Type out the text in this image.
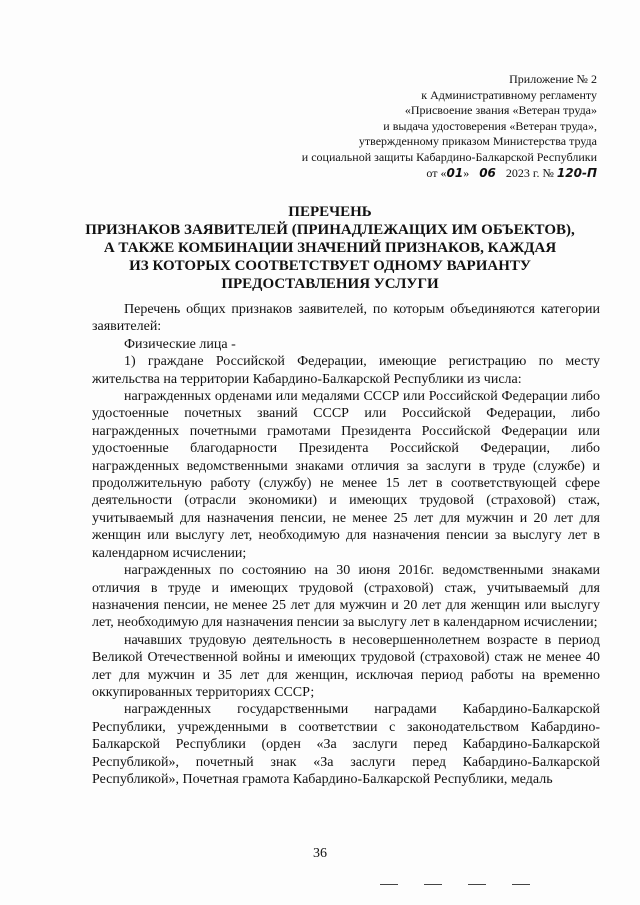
Приложение № 2
к Административному регламенту
«Присвоение звания «Ветеран труда»
и выдача удостоверения «Ветеран труда»,
утвержденному приказом Министерства труда
и социальной защиты Кабардино-Балкарской Республики
от «01» 06 2023 г. № 120-П
ПЕРЕЧЕНЬ
ПРИЗНАКОВ ЗАЯВИТЕЛЕЙ (ПРИНАДЛЕЖАЩИХ ИМ ОБЪЕКТОВ),
А ТАКЖЕ КОМБИНАЦИИ ЗНАЧЕНИЙ ПРИЗНАКОВ, КАЖДАЯ
ИЗ КОТОРЫХ СООТВЕТСТВУЕТ ОДНОМУ ВАРИАНТУ
ПРЕДОСТАВЛЕНИЯ УСЛУГИ

Перечень общих признаков заявителей, по которым объединяются категории заявителей:

Физические лица -

1) граждане Российской Федерации, имеющие регистрацию по месту жительства на территории Кабардино-Балкарской Республики из числа:

награжденных орденами или медалями СССР или Российской Федерации либо удостоенные почетных званий СССР или Российской Федерации, либо награжденных почетными грамотами Президента Российской Федерации или удостоенные благодарности Президента Российской Федерации, либо награжденных ведомственными знаками отличия за заслуги в труде (службе) и продолжительную работу (службу) не менее 15 лет в соответствующей сфере деятельности (отрасли экономики) и имеющих трудовой (страховой) стаж, учитываемый для назначения пенсии, не менее 25 лет для мужчин и 20 лет для женщин или выслугу лет, необходимую для назначения пенсии за выслугу лет в календарном исчислении;

награжденных по состоянию на 30 июня 2016г. ведомственными знаками отличия в труде и имеющих трудовой (страховой) стаж, учитываемый для назначения пенсии, не менее 25 лет для мужчин и 20 лет для женщин или выслугу лет, необходимую для назначения пенсии за выслугу лет в календарном исчислении;

начавших трудовую деятельность в несовершеннолетнем возрасте в период Великой Отечественной войны и имеющих трудовой (страховой) стаж не менее 40 лет для мужчин и 35 лет для женщин, исключая период работы на временно оккупированных территориях СССР;

награжденных государственными наградами Кабардино-Балкарской Республики, учрежденными в соответствии с законодательством Кабардино-Балкарской Республики (орден «За заслуги перед Кабардино-Балкарской Республикой», почетный знак «За заслуги перед Кабардино-Балкарской Республикой», Почетная грамота Кабардино-Балкарской Республики, медаль

36
